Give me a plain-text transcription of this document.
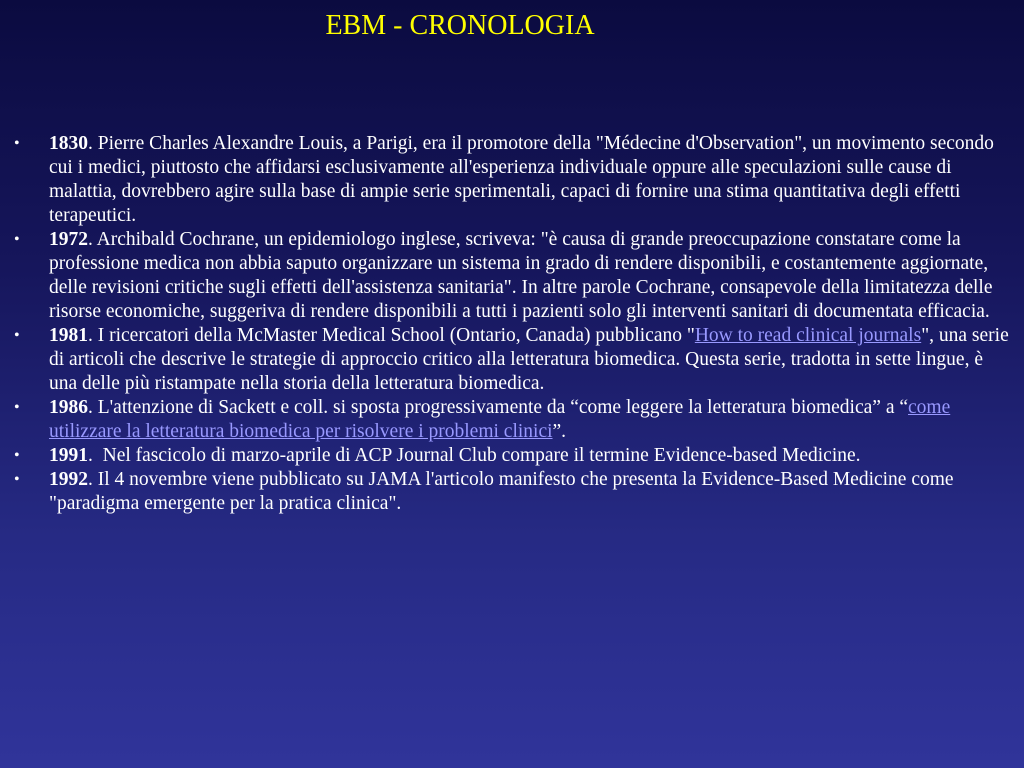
EBM - CRONOLOGIA
•	1830. Pierre Charles Alexandre Louis, a Parigi, era il promotore della "Médecine d'Observation", un movimento secondo cui i medici, piuttosto che affidarsi esclusivamente all'esperienza individuale oppure alle speculazioni sulle cause di malattia, dovrebbero agire sulla base di ampie serie sperimentali, capaci di fornire una stima quantitativa degli effetti terapeutici.
•	1972. Archibald Cochrane, un epidemiologo inglese, scriveva: "è causa di grande preoccupazione constatare come la professione medica non abbia saputo organizzare un sistema in grado di rendere disponibili, e costantemente aggiornate, delle revisioni critiche sugli effetti dell'assistenza sanitaria". In altre parole Cochrane, consapevole della limitatezza delle risorse economiche, suggeriva di rendere disponibili a tutti i pazienti solo gli interventi sanitari di documentata efficacia.
•	1981. I ricercatori della McMaster Medical School (Ontario, Canada) pubblicano "How to read clinical journals", una serie di articoli che descrive le strategie di approccio critico alla letteratura biomedica. Questa serie, tradotta in sette lingue, è una delle più ristampate nella storia della letteratura biomedica.
•	1986. L'attenzione di Sackett e coll. si sposta progressivamente da “come leggere la letteratura biomedica” a “come utilizzare la letteratura biomedica per risolvere i problemi clinici”.
•	1991.  Nel fascicolo di marzo-aprile di ACP Journal Club compare il termine Evidence-based Medicine.
•	1992. Il 4 novembre viene pubblicato su JAMA l'articolo manifesto che presenta la Evidence-Based Medicine come "paradigma emergente per la pratica clinica".
